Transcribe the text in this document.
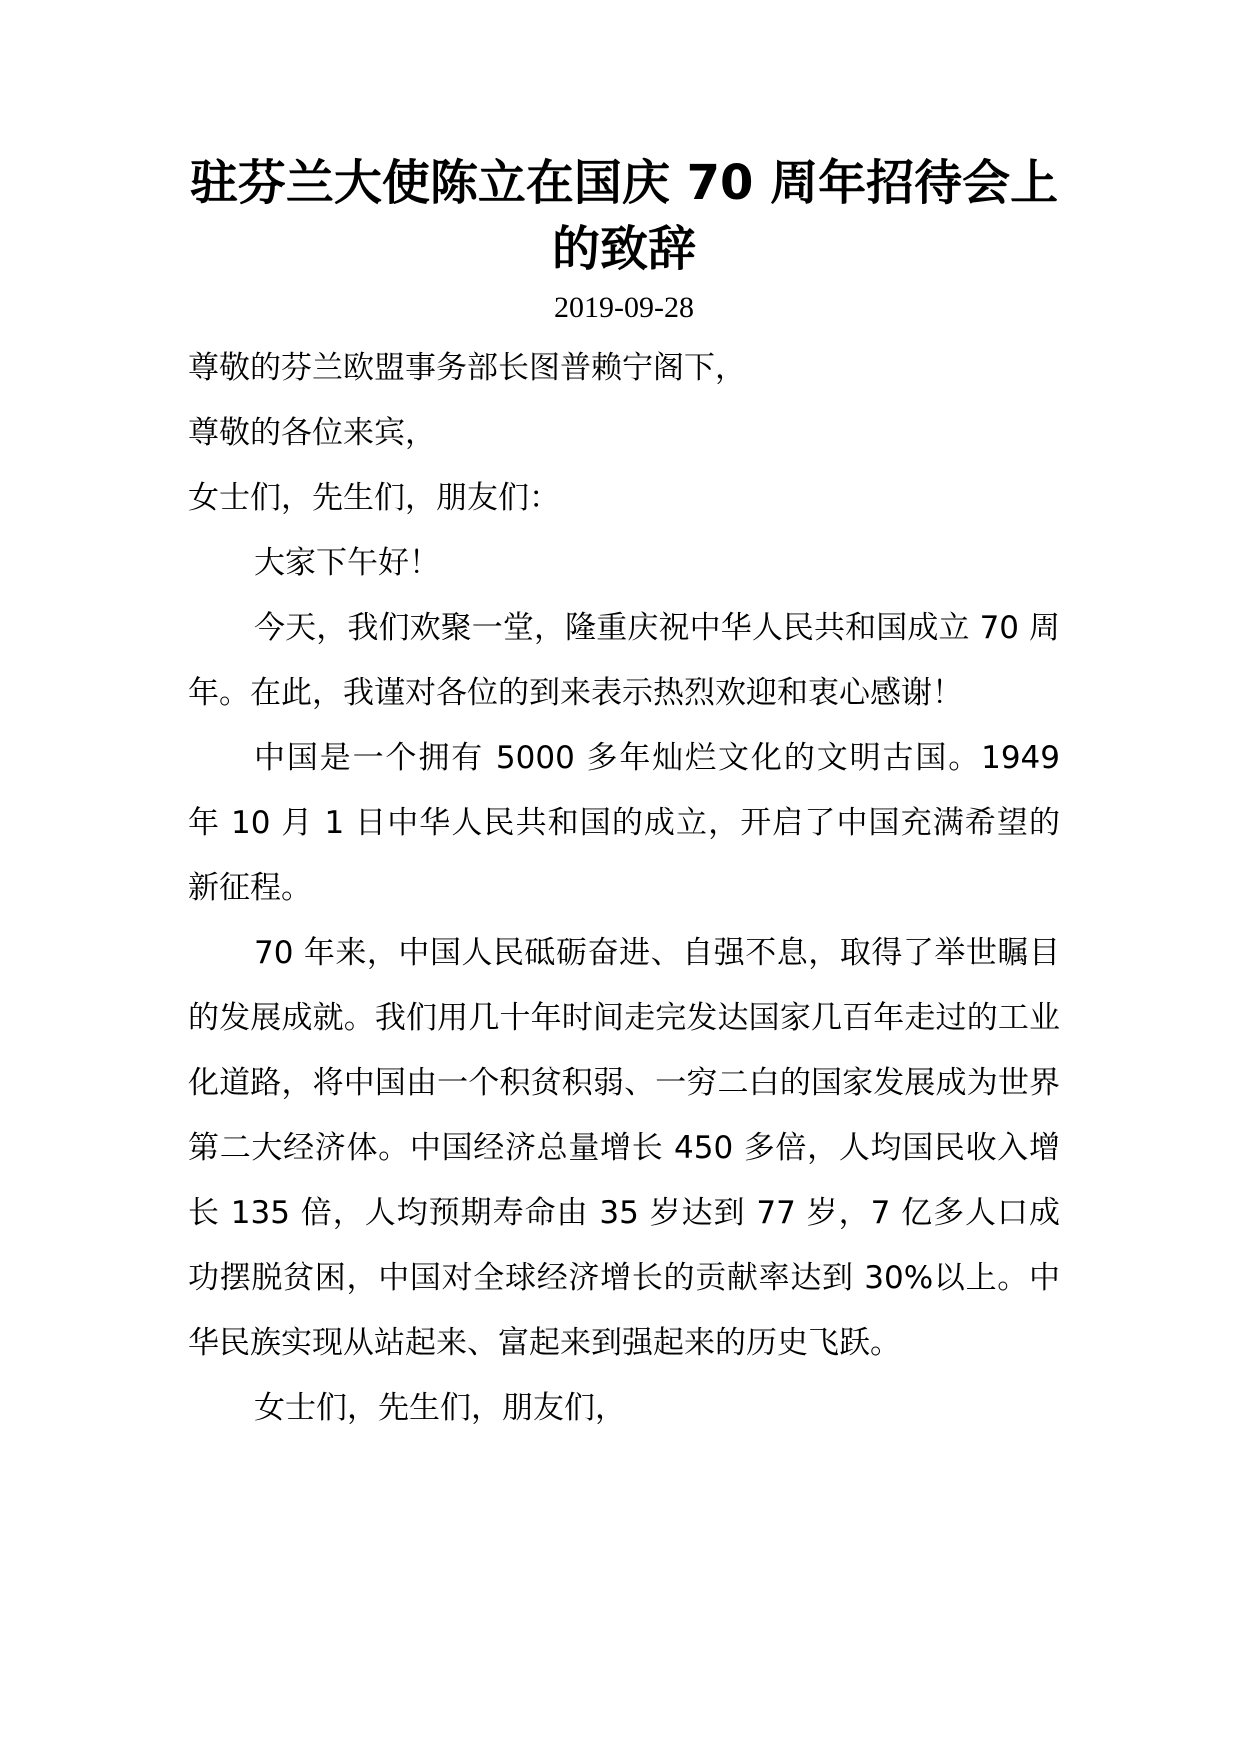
驻芬兰大使陈立在国庆 70 周年招待会上的致辞
2019-09-28

尊敬的芬兰欧盟事务部长图普赖宁阁下，

尊敬的各位来宾，

女士们，先生们，朋友们：

大家下午好！

今天，我们欢聚一堂，隆重庆祝中华人民共和国成立 70 周年。在此，我谨对各位的到来表示热烈欢迎和衷心感谢！

中国是一个拥有 5000 多年灿烂文化的文明古国。1949 年 10 月 1 日中华人民共和国的成立，开启了中国充满希望的新征程。

70 年来，中国人民砥砺奋进、自强不息，取得了举世瞩目的发展成就。我们用几十年时间走完发达国家几百年走过的工业化道路，将中国由一个积贫积弱、一穷二白的国家发展成为世界第二大经济体。中国经济总量增长 450 多倍，人均国民收入增长 135 倍，人均预期寿命由 35 岁达到 77 岁，7 亿多人口成功摆脱贫困，中国对全球经济增长的贡献率达到 30%以上。中华民族实现从站起来、富起来到强起来的历史飞跃。

女士们，先生们，朋友们，
